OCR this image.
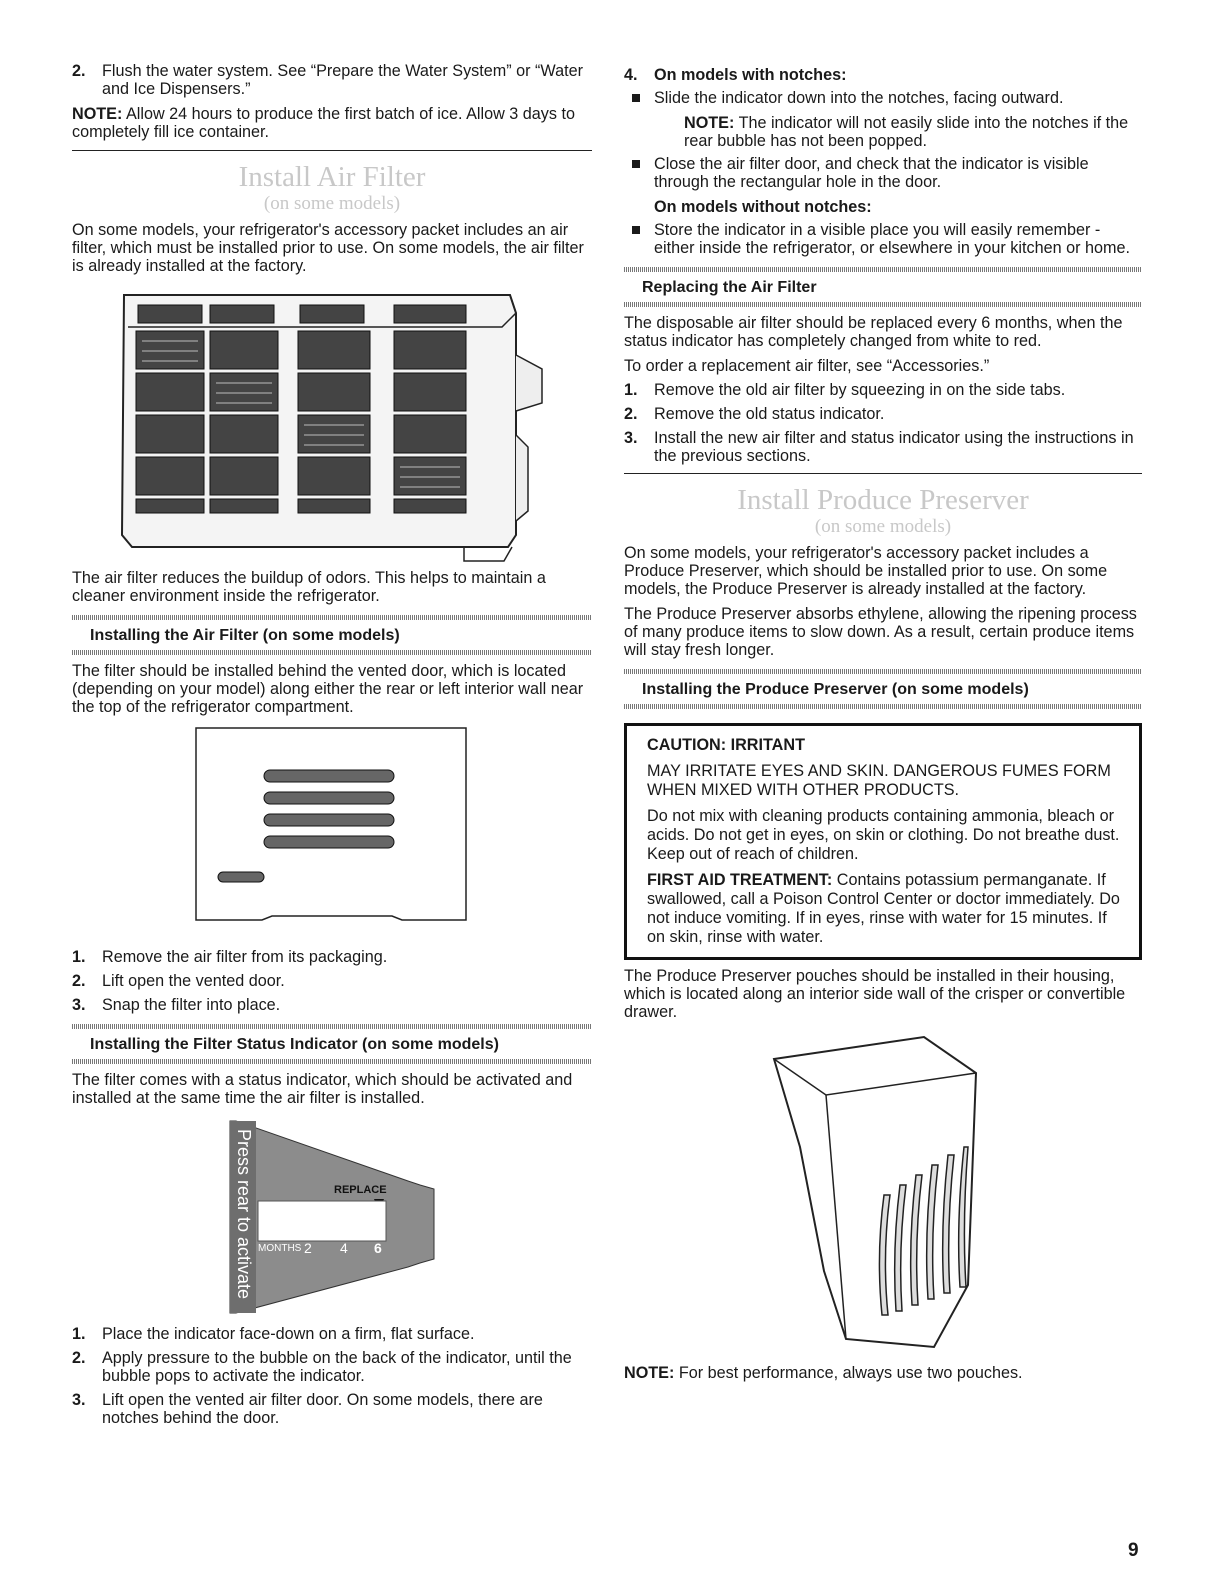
2.	Flush the water system. See “Prepare the Water System” or “Water and Ice Dispensers.”

NOTE: Allow 24 hours to produce the first batch of ice. Allow 3 days to completely fill ice container.

Install Air Filter
(on some models)

On some models, your refrigerator's accessory packet includes an air filter, which must be installed prior to use. On some models, the air filter is already installed at the factory.

The air filter reduces the buildup of odors. This helps to maintain a cleaner environment inside the refrigerator.

Installing the Air Filter (on some models)

The filter should be installed behind the vented door, which is located (depending on your model) along either the rear or left interior wall near the top of the refrigerator compartment.

1.	Remove the air filter from its packaging.
2.	Lift open the vented door.
3.	Snap the filter into place.
Installing the Filter Status Indicator (on some models)

The filter comes with a status indicator, which should be activated and installed at the same time the air filter is installed.

Press rear to activate	REPLACE
MONTHS 2 4 6
1.	Place the indicator face-down on a firm, flat surface.
2.	Apply pressure to the bubble on the back of the indicator, until the bubble pops to activate the indicator.
3.	Lift open the vented air filter door. On some models, there are notches behind the door.
4.	On models with notches:
Slide the indicator down into the notches, facing outward.

NOTE: The indicator will not easily slide into the notches if the rear bubble has not been popped.

Close the air filter door, and check that the indicator is visible through the rectangular hole in the door.

On models without notches:

Store the indicator in a visible place you will easily remember - either inside the refrigerator, or elsewhere in your kitchen or home.
Replacing the Air Filter

The disposable air filter should be replaced every 6 months, when the status indicator has completely changed from white to red.

To order a replacement air filter, see “Accessories.”

1.	Remove the old air filter by squeezing in on the side tabs.
2.	Remove the old status indicator.
3.	Install the new air filter and status indicator using the instructions in the previous sections.
Install Produce Preserver
(on some models)

On some models, your refrigerator's accessory packet includes a Produce Preserver, which should be installed prior to use. On some models, the Produce Preserver is already installed at the factory.

The Produce Preserver absorbs ethylene, allowing the ripening process of many produce items to slow down. As a result, certain produce items will stay fresh longer.

Installing the Produce Preserver (on some models)

CAUTION: IRRITANT

MAY IRRITATE EYES AND SKIN. DANGEROUS FUMES FORM WHEN MIXED WITH OTHER PRODUCTS.

Do not mix with cleaning products containing ammonia, bleach or acids. Do not get in eyes, on skin or clothing. Do not breathe dust. Keep out of reach of children.

FIRST AID TREATMENT: Contains potassium permanganate. If swallowed, call a Poison Control Center or doctor immediately. Do not induce vomiting. If in eyes, rinse with water for 15 minutes. If on skin, rinse with water.

The Produce Preserver pouches should be installed in their housing, which is located along an interior side wall of the crisper or convertible drawer.

NOTE: For best performance, always use two pouches.

9
